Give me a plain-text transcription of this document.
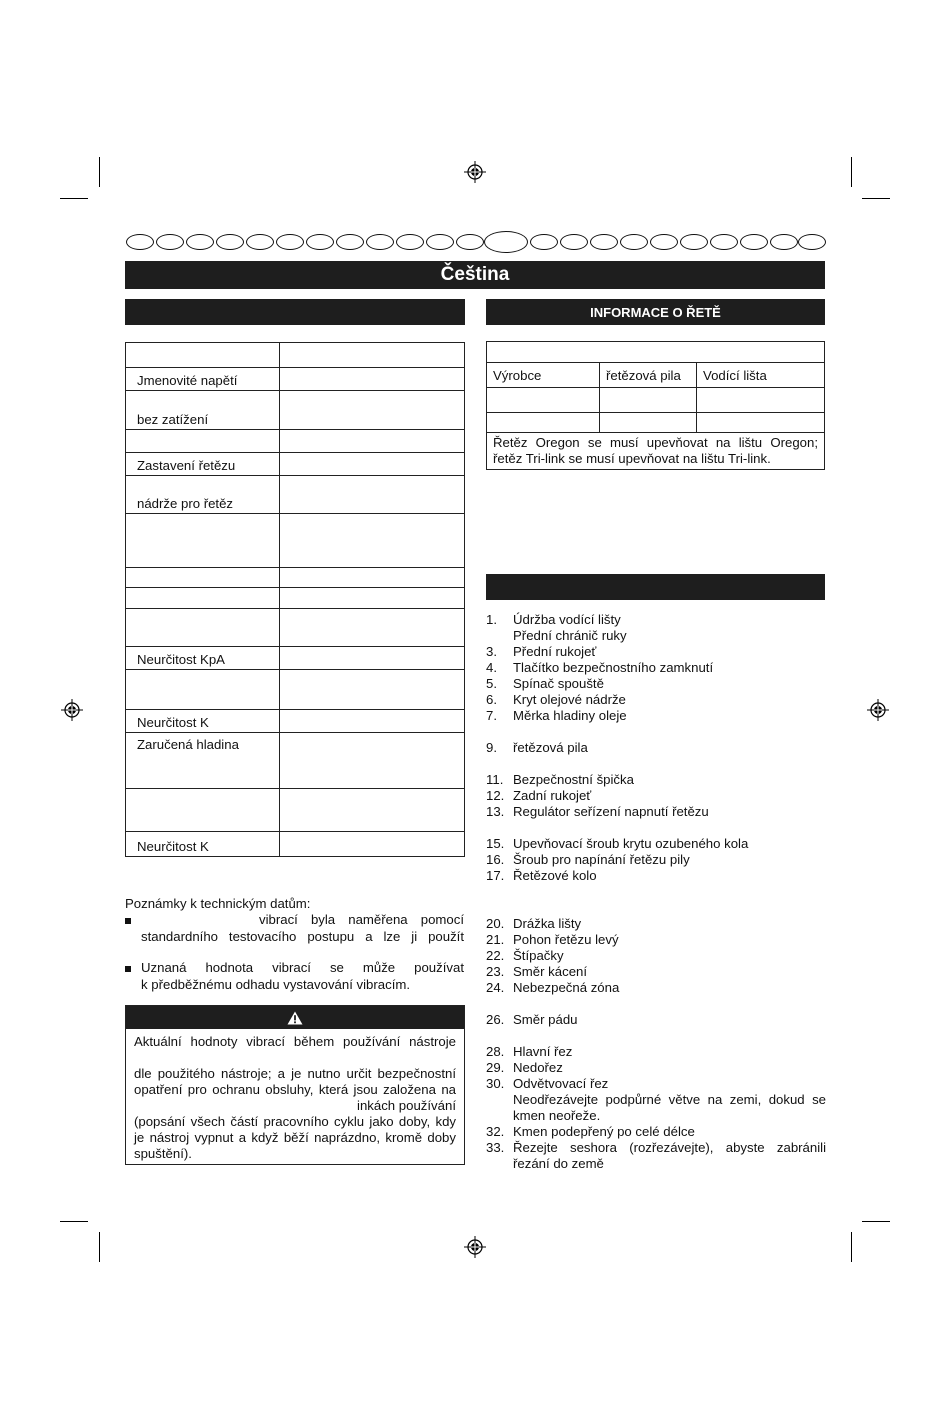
Čeština
INFORMACE O ŘETĚ

Jmenovité napětí	
bez zatížení	

Zastavení řetězu	
nádrže pro řetěz	

Neurčitost KpA	

Neurčitost K	
Zaručená hladina	

Neurčitost K	

Výrobce	řetězová pila	Vodící lišta

Řetěz Oregon se musí upevňovat na lištu Oregon;
řetěz Tri-link se musí upevňovat na lištu Tri-link.		
Poznámky k technickým datům:
vibrací byla naměřena pomocí
standardního testovacího postupu a lze ji použít
Uznaná hodnota vibrací se může používat
k předběžnému odhadu vystavování vibracím.
Aktuální hodnoty vibrací během používání nástroje
dle použitého nástroje; a je nutno určit bezpečnostní
opatření pro ochranu obsluhy, která jsou založena na
inkách používání
(popsání všech částí pracovního cyklu jako doby, kdy
je nástroj vypnut a když běží naprázdno, kromě doby
spuštění).
1. Údržba vodící lišty
Přední chránič ruky
3. Přední rukojeť
4. Tlačítko bezpečnostního zamknutí
5. Spínač spouště
6. Kryt olejové nádrže
7. Měrka hladiny oleje
9. řetězová pila
11. Bezpečnostní špička
12. Zadní rukojeť
13. Regulátor seřízení napnutí řetězu
15. Upevňovací šroub krytu ozubeného kola
16. Šroub pro napínání řetězu pily
17. Řetězové kolo
20. Drážka lišty
21. Pohon řetězu levý
22. Štípačky
23. Směr kácení
24. Nebezpečná zóna
26. Směr pádu
28. Hlavní řez
29. Nedořez
30. Odvětvovací řez
Neodřezávejte podpůrné větve na zemi, dokud se
kmen neořeže.
32. Kmen podepřený po celé délce
33. Řezejte seshora (rozřezávejte), abyste zabránili
řezání do země
